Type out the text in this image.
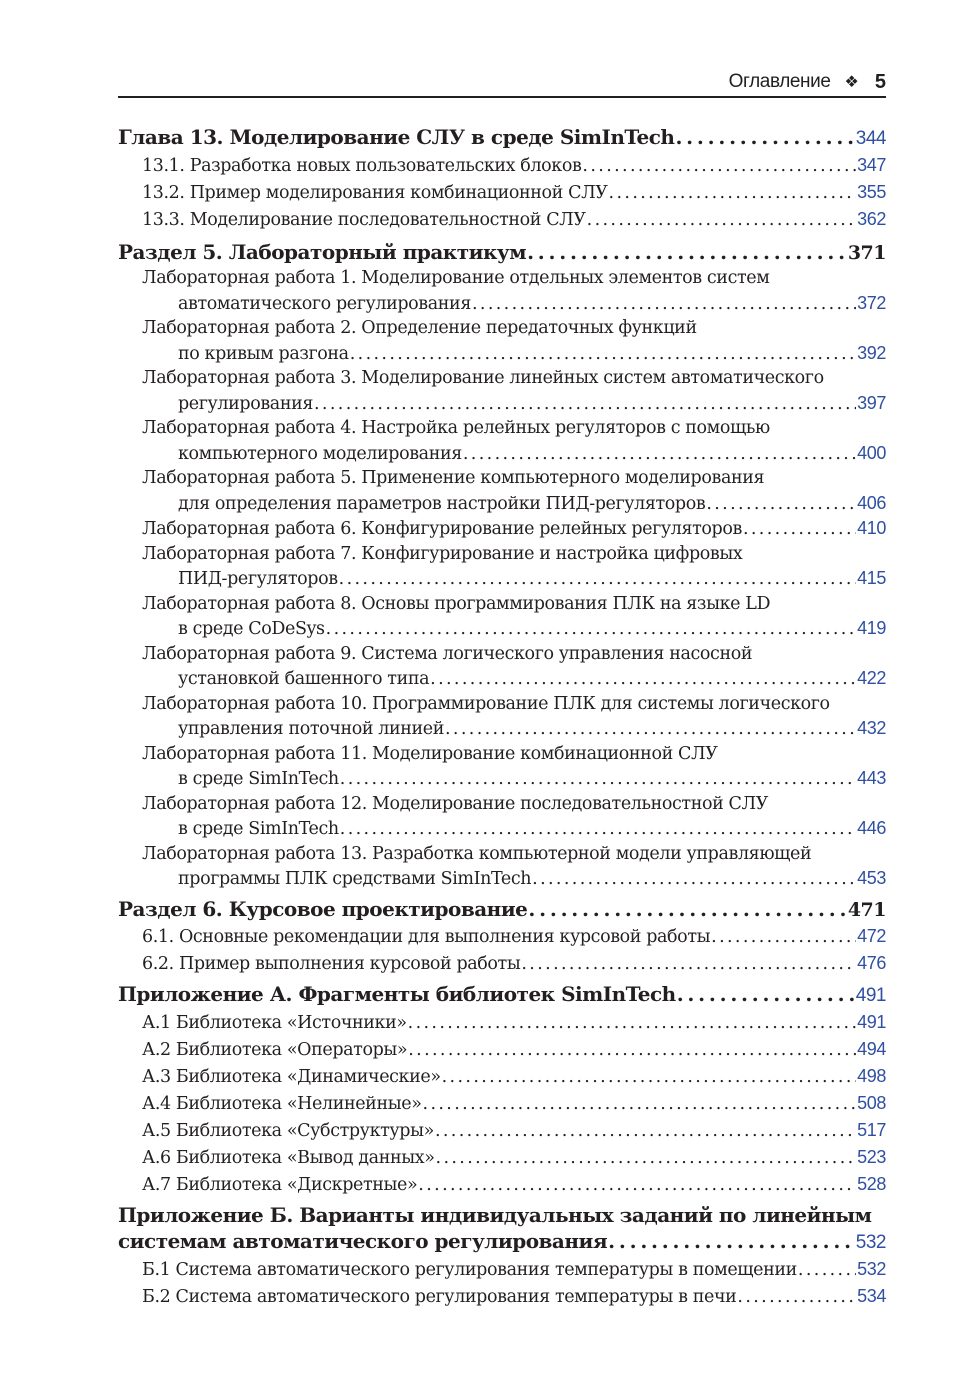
Оглавление ❖ 5
Глава 13. Моделирование СЛУ в среде SimInTech . . .	344
13.1. Разработка новых пользовательских блоков . . .	347
13.2. Пример моделирования комбинационной СЛУ . . .	355
13.3. Моделирование последовательностной СЛУ . . .	362
Раздел 5. Лабораторный практикум . . .	371
Лабораторная работа 1. Моделирование отдельных элементов систем
автоматического регулирования . . .	372
Лабораторная работа 2. Определение передаточных функций
по кривым разгона . . .	392
Лабораторная работа 3. Моделирование линейных систем автоматического
регулирования . . .	397
Лабораторная работа 4. Настройка релейных регуляторов с помощью
компьютерного моделирования . . .	400
Лабораторная работа 5. Применение компьютерного моделирования
для определения параметров настройки ПИД-регуляторов . . .	406
Лабораторная работа 6. Конфигурирование релейных регуляторов . . .	410
Лабораторная работа 7. Конфигурирование и настройка цифровых
ПИД-регуляторов . . .	415
Лабораторная работа 8. Основы программирования ПЛК на языке LD
в среде CoDeSys . . .	419
Лабораторная работа 9. Система логического управления насосной
установкой башенного типа . . .	422
Лабораторная работа 10. Программирование ПЛК для системы логического
управления поточной линией . . .	432
Лабораторная работа 11. Моделирование комбинационной СЛУ
в среде SimInTech . . .	443
Лабораторная работа 12. Моделирование последовательностной СЛУ
в среде SimInTech . . .	446
Лабораторная работа 13. Разработка компьютерной модели управляющей
программы ПЛК средствами SimInTech . . .	453
Раздел 6. Курсовое проектирование . . .	471
6.1. Основные рекомендации для выполнения курсовой работы . . .	472
6.2. Пример выполнения курсовой работы . . .	476
Приложение А. Фрагменты библиотек SimInTech . . .	491
А.1 Библиотека «Источники» . . .	491
А.2 Библиотека «Операторы» . . .	494
А.3 Библиотека «Динамические» . . .	498
А.4 Библиотека «Нелинейные» . . .	508
А.5 Библиотека «Субструктуры» . . .	517
А.6 Библиотека «Вывод данных» . . .	523
А.7 Библиотека «Дискретные» . . .	528
Приложение Б. Варианты индивидуальных заданий по линейным
системам автоматического регулирования . . .	532
Б.1 Система автоматического регулирования температуры в помещении . . .	532
Б.2 Система автоматического регулирования температуры в печи . . .	534
